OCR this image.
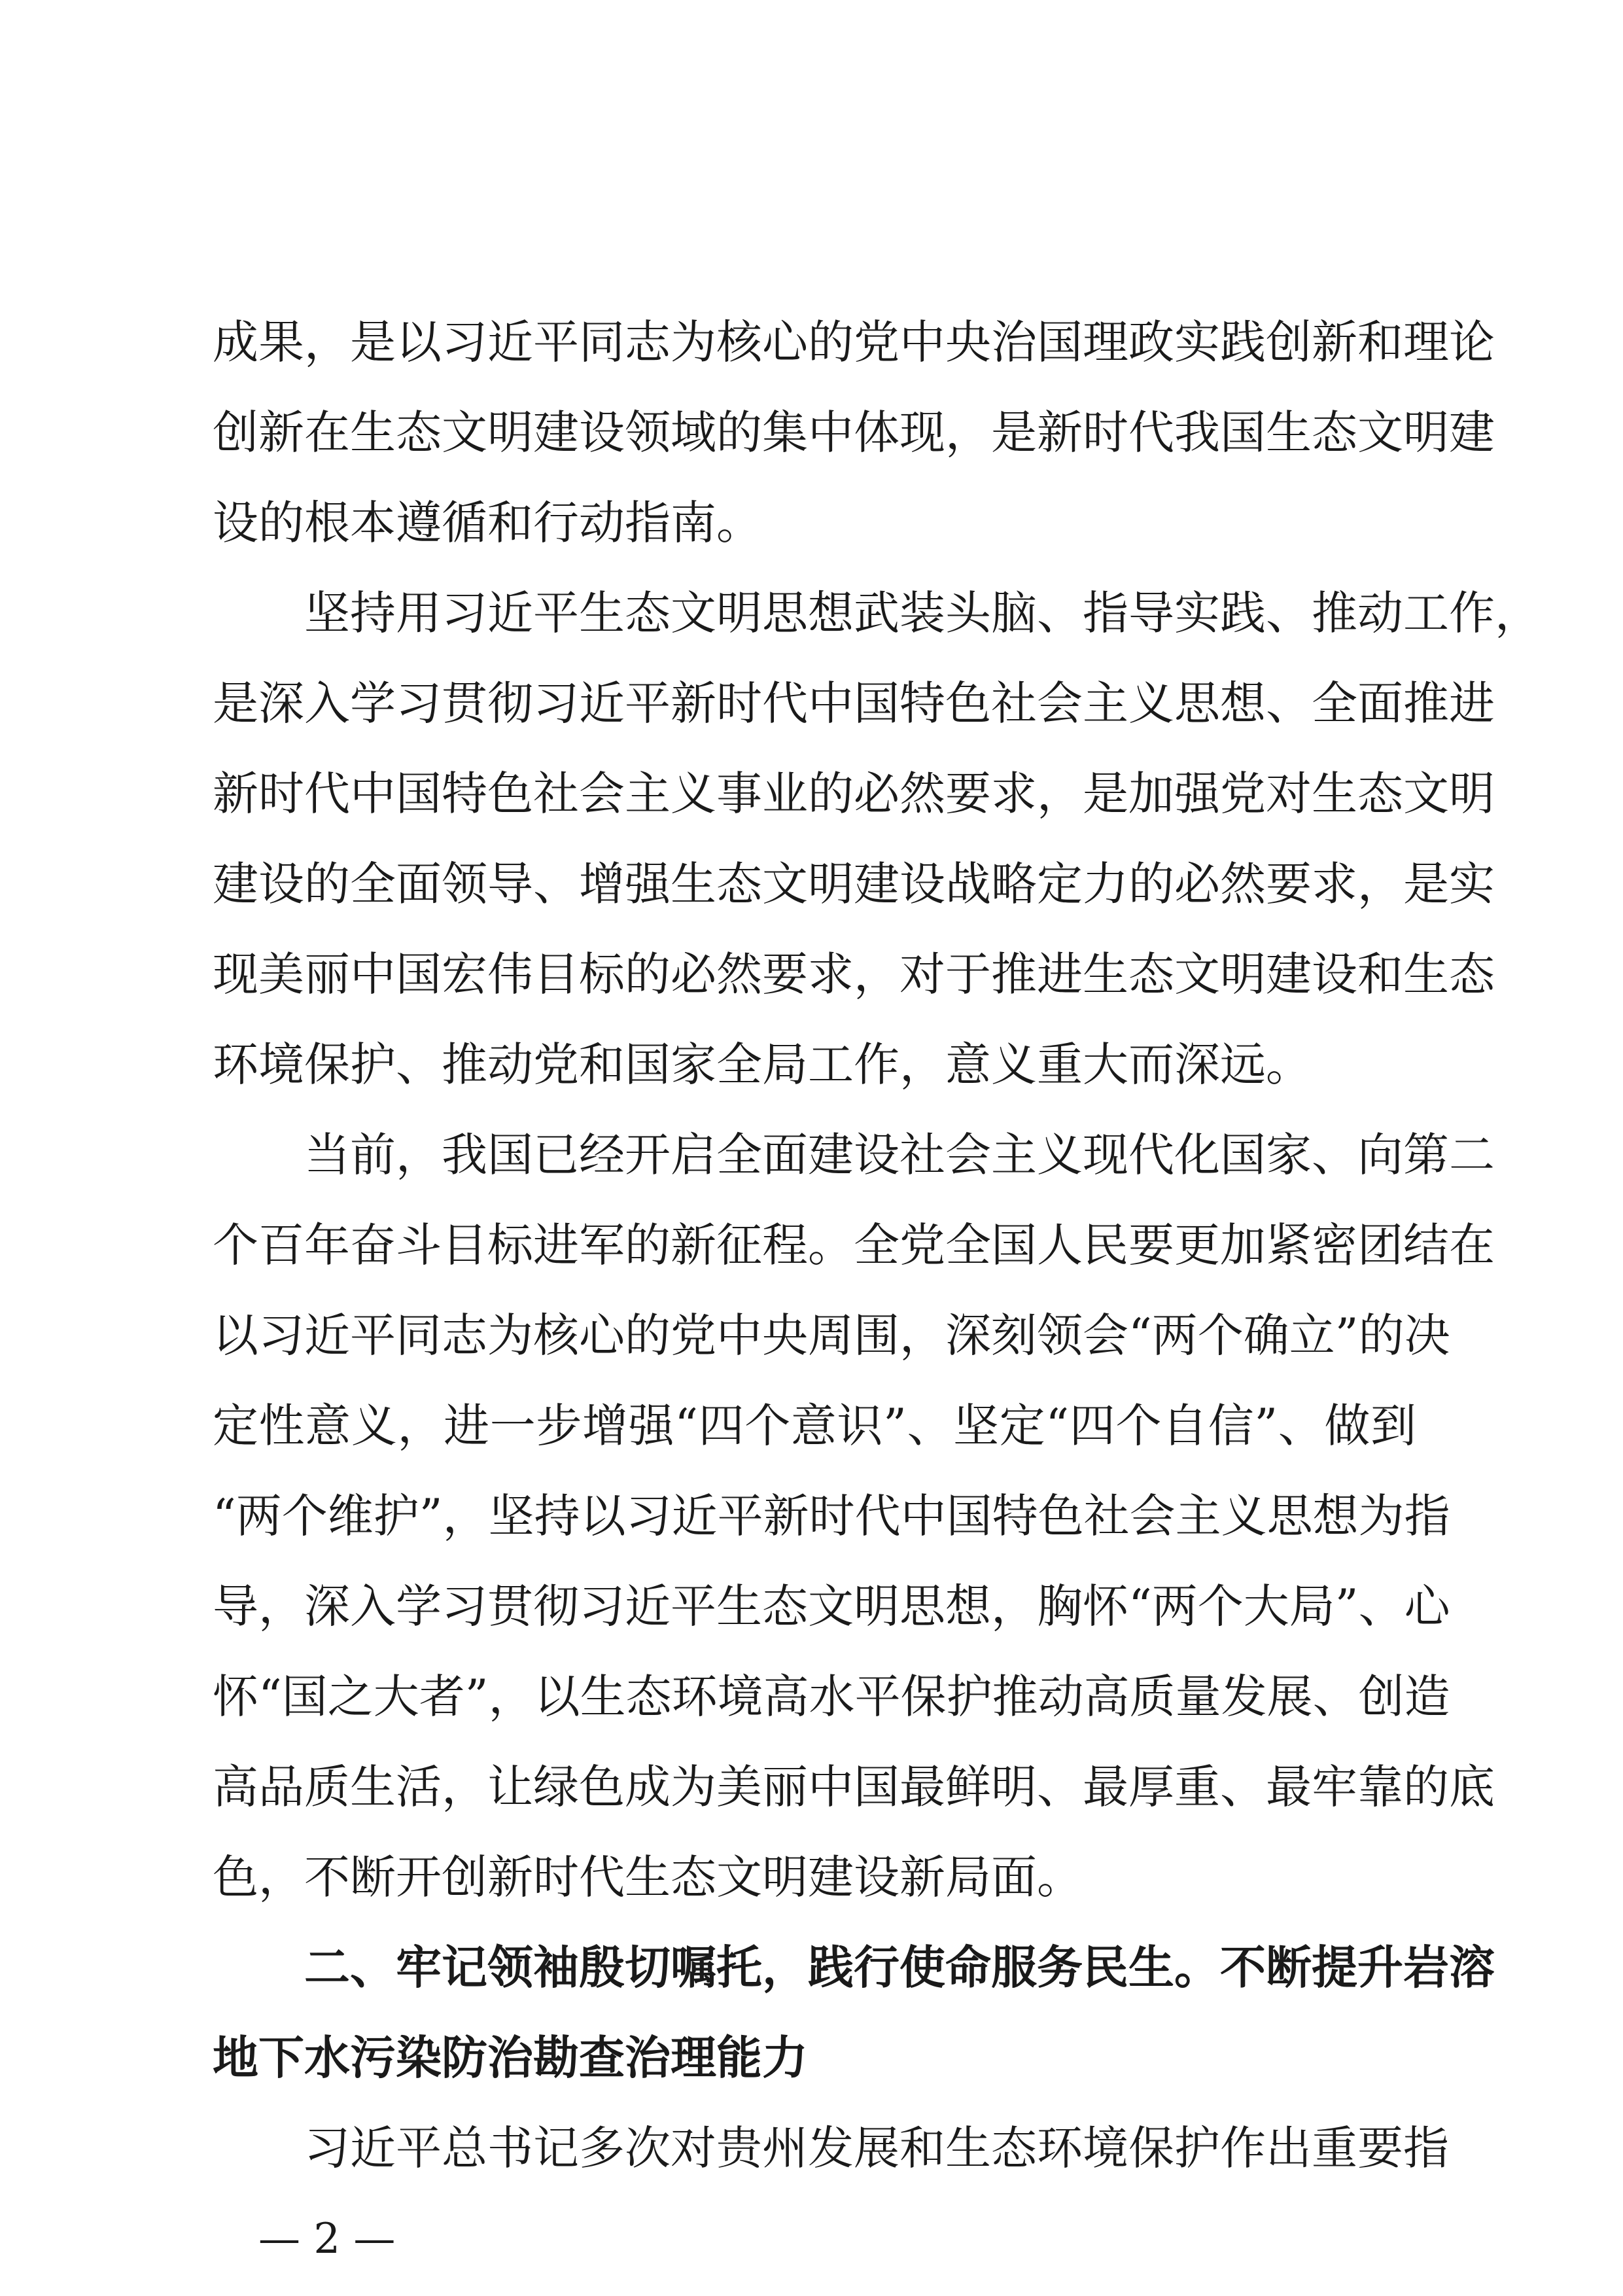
成果，是以习近平同志为核心的党中央治国理政实践创新和理论
创新在生态文明建设领域的集中体现，是新时代我国生态文明建
设的根本遵循和行动指南。
坚持用习近平生态文明思想武装头脑、指导实践、推动工作，
是深入学习贯彻习近平新时代中国特色社会主义思想、全面推进
新时代中国特色社会主义事业的必然要求，是加强党对生态文明
建设的全面领导、增强生态文明建设战略定力的必然要求，是实
现美丽中国宏伟目标的必然要求，对于推进生态文明建设和生态
环境保护、推动党和国家全局工作，意义重大而深远。
当前，我国已经开启全面建设社会主义现代化国家、向第二
个百年奋斗目标进军的新征程。全党全国人民要更加紧密团结在
以习近平同志为核心的党中央周围，深刻领会“两个确立”的决
定性意义，进一步增强“四个意识”、坚定“四个自信”、做到
“两个维护”，坚持以习近平新时代中国特色社会主义思想为指
导，深入学习贯彻习近平生态文明思想，胸怀“两个大局”、心
怀“国之大者”，以生态环境高水平保护推动高质量发展、创造
高品质生活，让绿色成为美丽中国最鲜明、最厚重、最牢靠的底
色，不断开创新时代生态文明建设新局面。
二、牢记领袖殷切嘱托，践行使命服务民生。不断提升岩溶
地下水污染防治勘查治理能力
习近平总书记多次对贵州发展和生态环境保护作出重要指
— 2 —
